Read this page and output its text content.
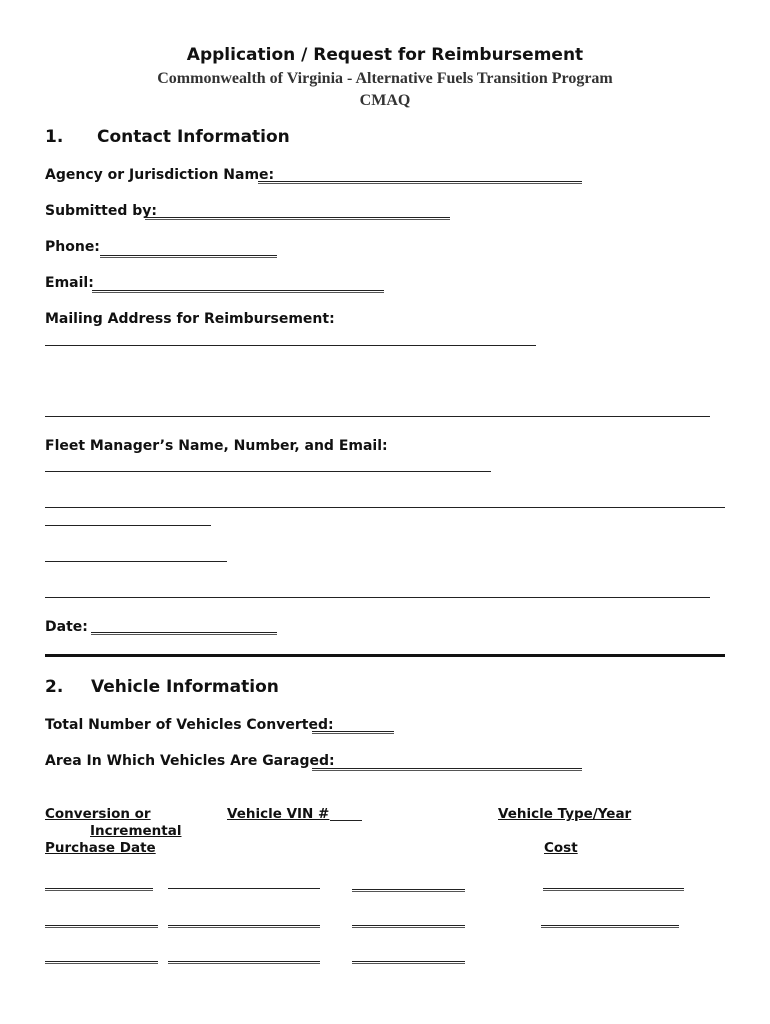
Application / Request for Reimbursement
Commonwealth of Virginia - Alternative Fuels Transition Program
CMAQ
1. Contact Information
Agency or Jurisdiction Name:
Submitted by:
Phone:
Email:
Mailing Address for Reimbursement:
Fleet Manager’s Name, Number, and Email:
Date:
2. Vehicle Information
Total Number of Vehicles Converted:
Area In Which Vehicles Are Garaged:
Conversion or
Incremental
Purchase Date
Vehicle VIN #	Vehicle Type/Year
Cost
